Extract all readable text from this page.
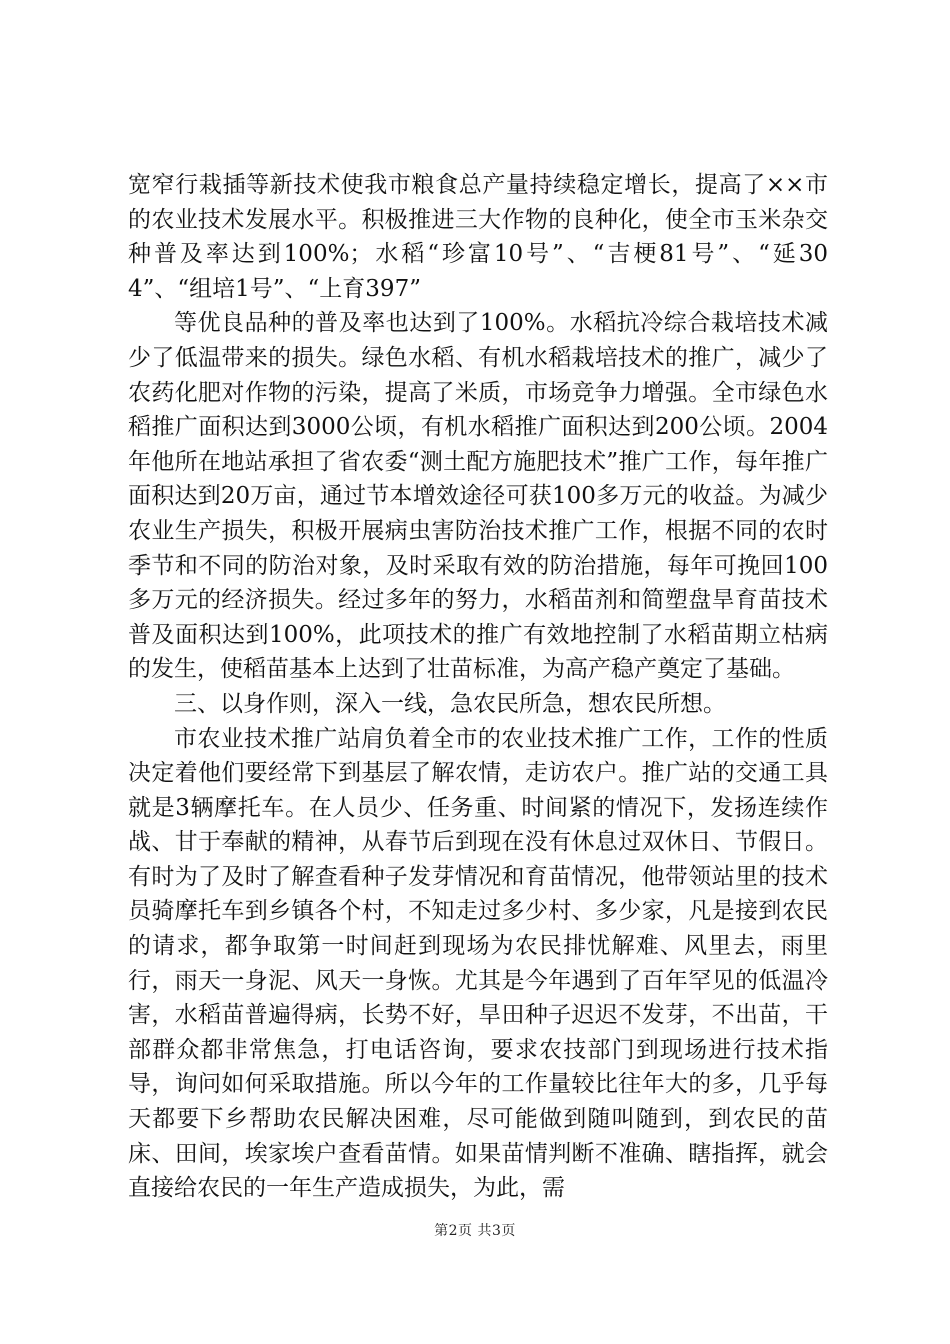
宽窄行栽插等新技术使我市粮食总产量持续稳定增长，提高了××市的农业技术发展水平。积极推进三大作物的良种化，使全市玉米杂交种普及率达到100%；水稻“珍富10号”、“吉梗81号”、“延304”、“组培1号”、“上育397”

等优良品种的普及率也达到了100%。水稻抗冷综合栽培技术减少了低温带来的损失。绿色水稻、有机水稻栽培技术的推广，减少了农药化肥对作物的污染，提高了米质，市场竞争力增强。全市绿色水稻推广面积达到3000公顷，有机水稻推广面积达到200公顷。2004年他所在地站承担了省农委“测土配方施肥技术”推广工作，每年推广面积达到20万亩，通过节本增效途径可获100多万元的收益。为减少农业生产损失，积极开展病虫害防治技术推广工作，根据不同的农时季节和不同的防治对象，及时采取有效的防治措施，每年可挽回100多万元的经济损失。经过多年的努力，水稻苗剂和简塑盘旱育苗技术普及面积达到100%，此项技术的推广有效地控制了水稻苗期立枯病的发生，使稻苗基本上达到了壮苗标准，为高产稳产奠定了基础。

三、以身作则，深入一线，急农民所急，想农民所想。

市农业技术推广站肩负着全市的农业技术推广工作，工作的性质决定着他们要经常下到基层了解农情，走访农户。推广站的交通工具就是3辆摩托车。在人员少、任务重、时间紧的情况下，发扬连续作战、甘于奉献的精神，从春节后到现在没有休息过双休日、节假日。有时为了及时了解查看种子发芽情况和育苗情况，他带领站里的技术员骑摩托车到乡镇各个村，不知走过多少村、多少家，凡是接到农民的请求，都争取第一时间赶到现场为农民排忧解难、风里去，雨里行，雨天一身泥、风天一身恢。尤其是今年遇到了百年罕见的低温冷害，水稻苗普遍得病，长势不好，旱田种子迟迟不发芽，不出苗，干部群众都非常焦急，打电话咨询，要求农技部门到现场进行技术指导，询问如何采取措施。所以今年的工作量较比往年大的多，几乎每天都要下乡帮助农民解决困难，尽可能做到随叫随到，到农民的苗床、田间，埃家埃户查看苗情。如果苗情判断不准确、瞎指挥，就会直接给农民的一年生产造成损失，为此，需

第2页 共3页
